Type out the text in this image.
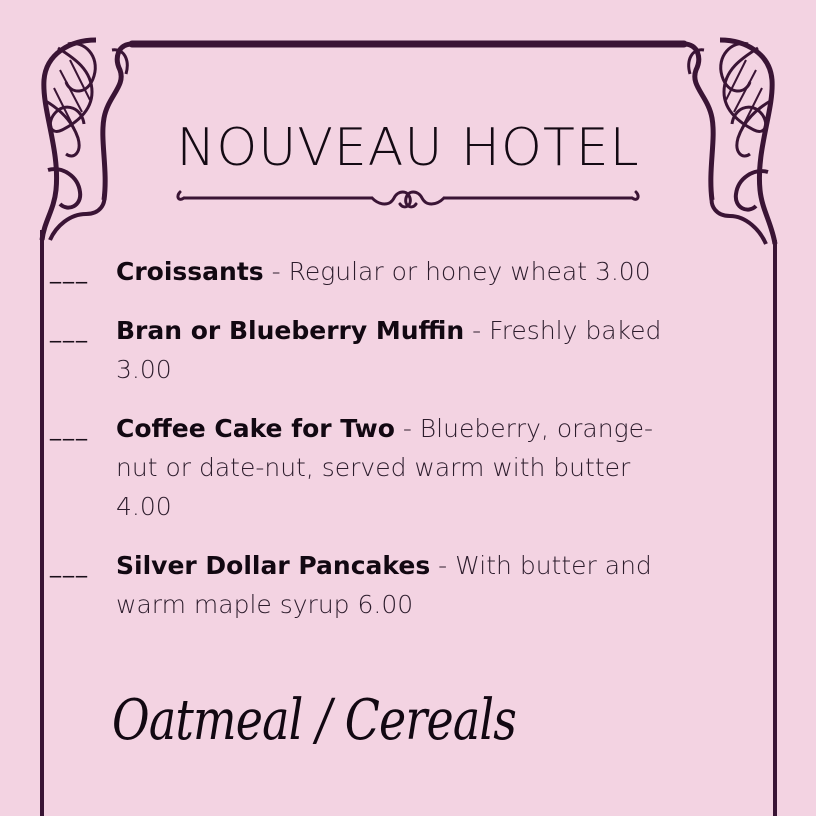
NOUVEAU HOTEL
___	Croissants - Regular or honey wheat 3.00
___	Bran or Blueberry Muffin - Freshly baked 3.00
___	Coffee Cake for Two - Blueberry, orange-nut or date-nut, served warm with butter 4.00
___	Silver Dollar Pancakes - With butter and warm maple syrup 6.00
Oatmeal / Cereals
